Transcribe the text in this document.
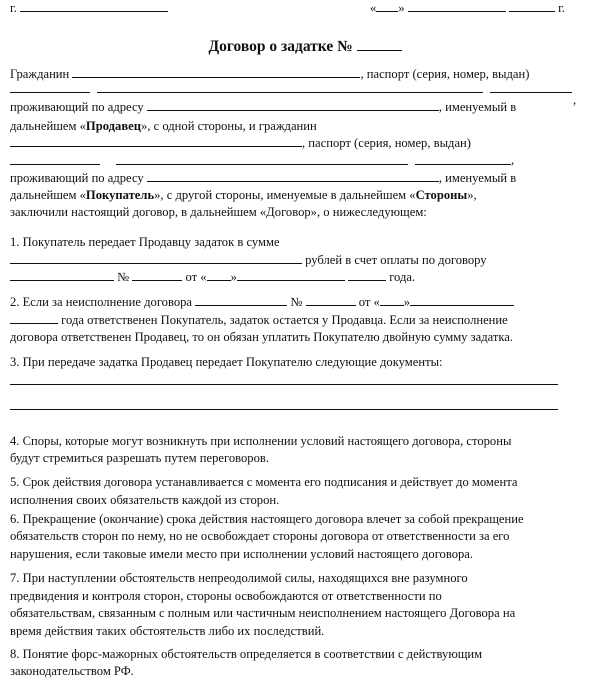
г.	« »	г.
Договор о задатке №
Гражданин	, паспорт (серия, номер, выдан)
,
проживающий по адресу	, именуемый в
дальнейшем «Продавец», с одной стороны, и гражданин
, паспорт (серия, номер, выдан)
,
проживающий по адресу	, именуемый в
дальнейшем «Покупатель», с другой стороны, именуемые в дальнейшем «Стороны»,
заключили настоящий договор, в дальнейшем «Договор», о нижеследующем:
1. Покупатель передает Продавцу задаток в сумме
рублей в счет оплаты по договору
№	от « »	года.
2. Если за неисполнение договора	№	от « »
года ответственен Покупатель, задаток остается у Продавца. Если за неисполнение
договора ответственен Продавец, то он обязан уплатить Покупателю двойную сумму задатка.
3. При передаче задатка Продавец передает Покупателю следующие документы:
4. Споры, которые могут возникнуть при исполнении условий настоящего договора, стороны
будут стремиться разрешать путем переговоров.
5. Срок действия договора устанавливается с момента его подписания и действует до момента
исполнения своих обязательств каждой из сторон.
6. Прекращение (окончание) срока действия настоящего договора влечет за собой прекращение
обязательств сторон по нему, но не освобождает стороны договора от ответственности за его
нарушения, если таковые имели место при исполнении условий настоящего договора.
7. При наступлении обстоятельств непреодолимой силы, находящихся вне разумного
предвидения и контроля сторон, стороны освобождаются от ответственности по
обязательствам, связанным с полным или частичным неисполнением настоящего Договора на
время действия таких обстоятельств либо их последствий.
8. Понятие форс-мажорных обстоятельств определяется в соответствии с действующим
законодательством РФ.
